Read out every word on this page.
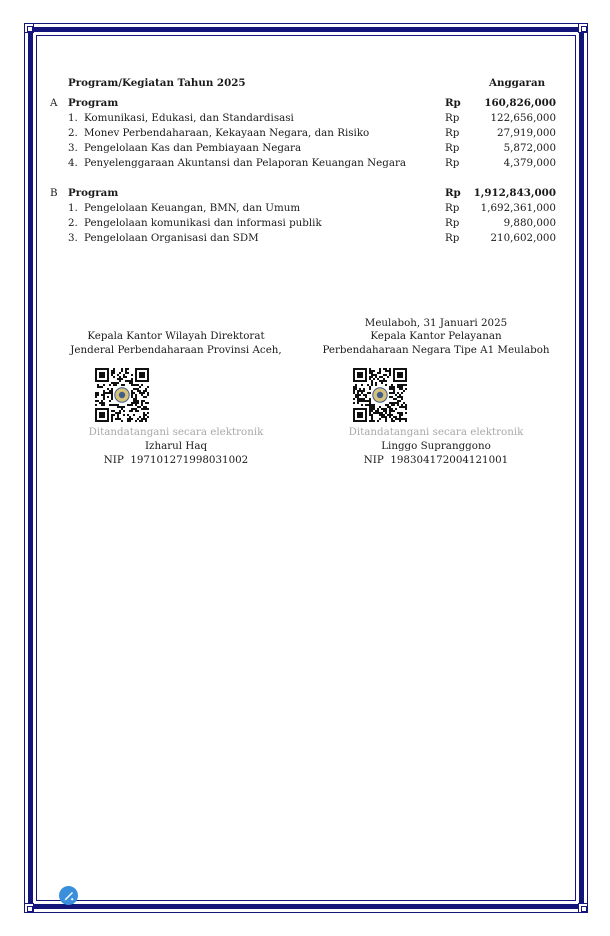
Program/Kegiatan Tahun 2025	Anggaran
A Program	Rp	160,826,000
1. Komunikasi, Edukasi, dan Standardisasi	Rp	122,656,000
2. Monev Perbendaharaan, Kekayaan Negara, dan Risiko	Rp	27,919,000
3. Pengelolaan Kas dan Pembiayaan Negara	Rp	5,872,000
4. Penyelenggaraan Akuntansi dan Pelaporan Keuangan Negara	Rp	4,379,000
B Program	Rp	1,912,843,000
1. Pengelolaan Keuangan, BMN, dan Umum	Rp	1,692,361,000
2. Pengelolaan komunikasi dan informasi publik	Rp	9,880,000
3. Pengelolaan Organisasi dan SDM	Rp	210,602,000
Kepala Kantor Wilayah Direktorat
Jenderal Perbendaharaan Provinsi Aceh,
Ditandatangani secara elektronik
Izharul Haq
NIP 197101271998031002
Meulaboh, 31 Januari 2025
Kepala Kantor Pelayanan
Perbendaharaan Negara Tipe A1 Meulaboh
Ditandatangani secara elektronik
Linggo Supranggono
NIP 198304172004121001
